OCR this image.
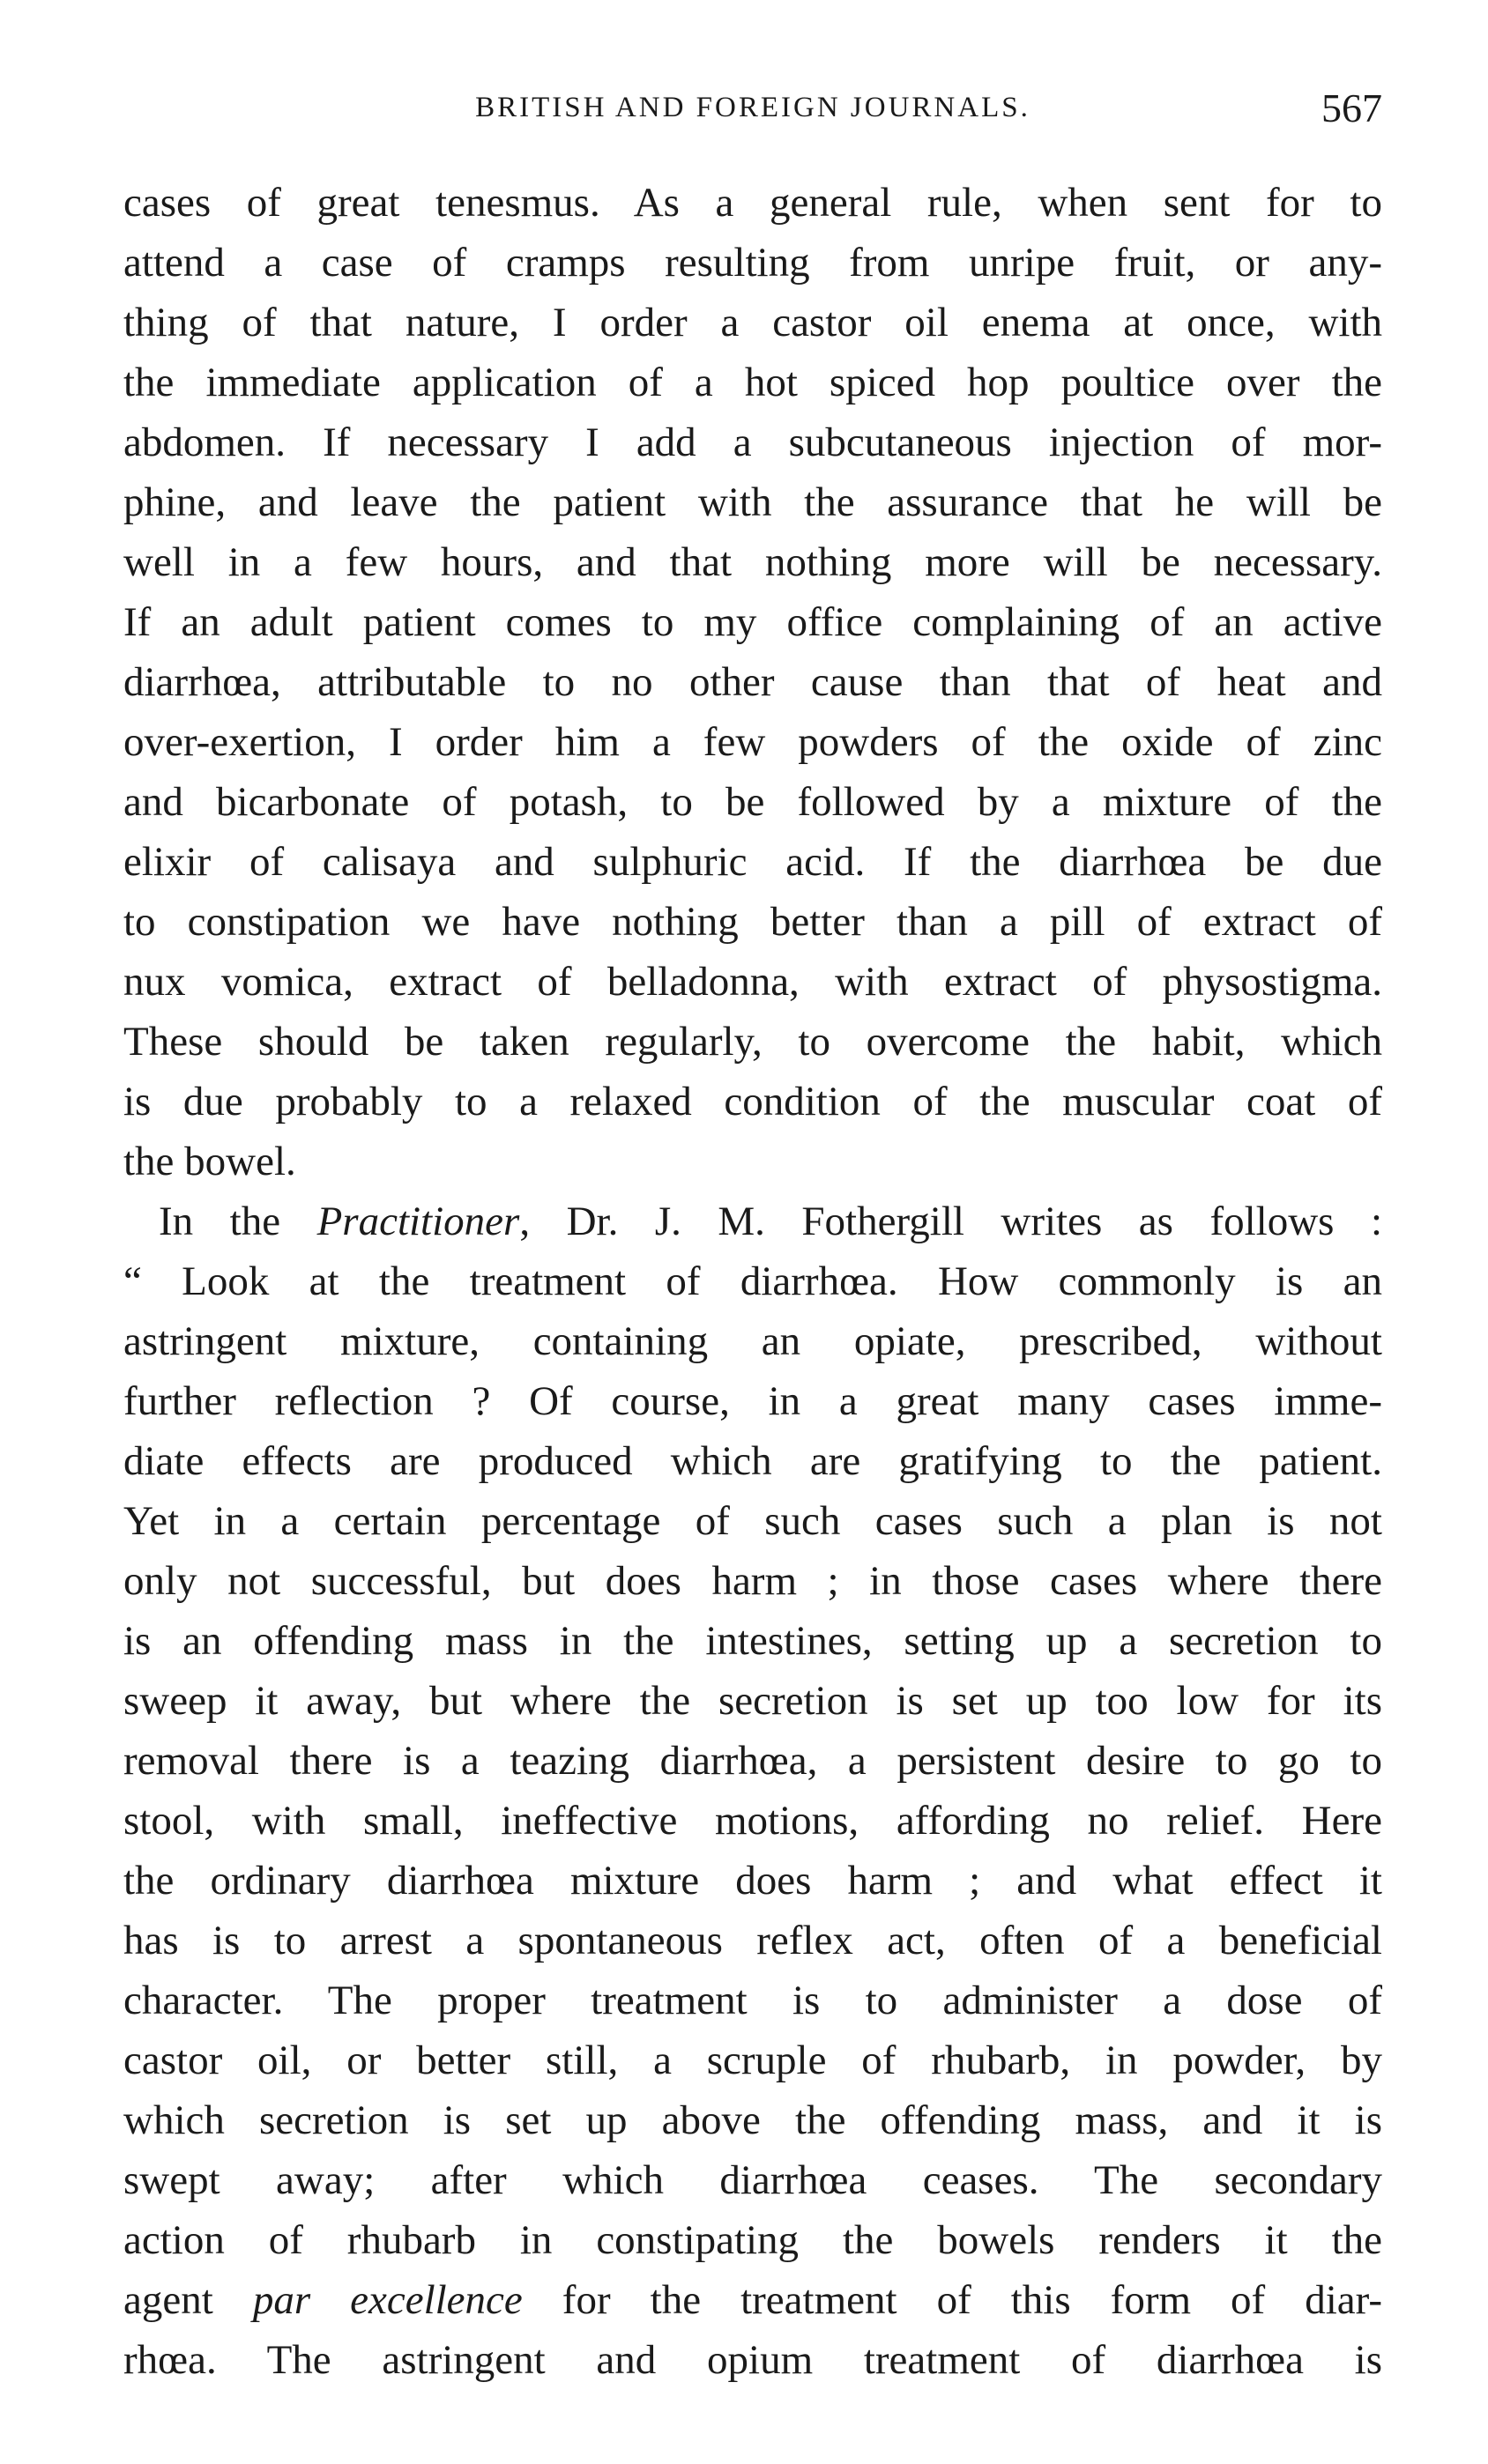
BRITISH AND FOREIGN JOURNALS.	567
cases of great tenesmus. As a general rule, when sent for to
attend a case of cramps resulting from unripe fruit, or any-
thing of that nature, I order a castor oil enema at once, with
the immediate application of a hot spiced hop poultice over the
abdomen. If necessary I add a subcutaneous injection of mor-
phine, and leave the patient with the assurance that he will be
well in a few hours, and that nothing more will be necessary.
If an adult patient comes to my office complaining of an active
diarrhœa, attributable to no other cause than that of heat and
over-exertion, I order him a few powders of the oxide of zinc
and bicarbonate of potash, to be followed by a mixture of the
elixir of calisaya and sulphuric acid. If the diarrhœa be due
to constipation we have nothing better than a pill of extract of
nux vomica, extract of belladonna, with extract of physostigma.
These should be taken regularly, to overcome the habit, which
is due probably to a relaxed condition of the muscular coat of
the bowel.
In the Practitioner, Dr. J. M. Fothergill writes as follows :
“ Look at the treatment of diarrhœa. How commonly is an
astringent mixture, containing an opiate, prescribed, without
further reflection ? Of course, in a great many cases imme-
diate effects are produced which are gratifying to the patient.
Yet in a certain percentage of such cases such a plan is not
only not successful, but does harm ; in those cases where there
is an offending mass in the intestines, setting up a secretion to
sweep it away, but where the secretion is set up too low for its
removal there is a teazing diarrhœa, a persistent desire to go to
stool, with small, ineffective motions, affording no relief. Here
the ordinary diarrhœa mixture does harm ; and what effect it
has is to arrest a spontaneous reflex act, often of a beneficial
character. The proper treatment is to administer a dose of
castor oil, or better still, a scruple of rhubarb, in powder, by
which secretion is set up above the offending mass, and it is
swept away; after which diarrhœa ceases. The secondary
action of rhubarb in constipating the bowels renders it the
agent par excellence for the treatment of this form of diar-
rhœa. The astringent and opium treatment of diarrhœa is
